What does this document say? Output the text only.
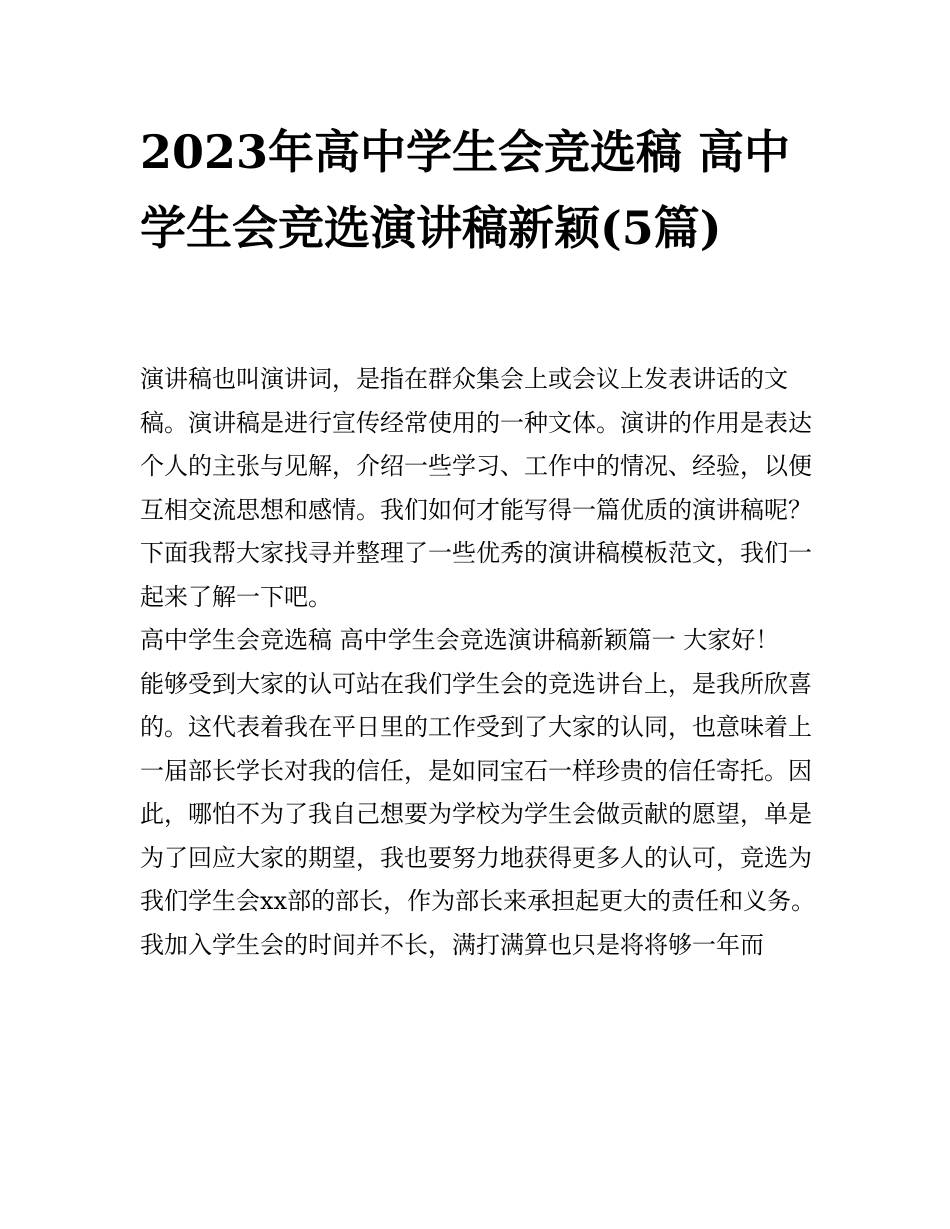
2023年高中学生会竞选稿 高中学生会竞选演讲稿新颖(5篇)

演讲稿也叫演讲词，是指在群众集会上或会议上发表讲话的文稿。演讲稿是进行宣传经常使用的一种文体。演讲的作用是表达个人的主张与见解，介绍一些学习、工作中的情况、经验，以便互相交流思想和感情。我们如何才能写得一篇优质的演讲稿呢？下面我帮大家找寻并整理了一些优秀的演讲稿模板范文，我们一起来了解一下吧。

高中学生会竞选稿 高中学生会竞选演讲稿新颖篇一 大家好！

能够受到大家的认可站在我们学生会的竞选讲台上，是我所欣喜的。这代表着我在平日里的工作受到了大家的认同，也意味着上一届部长学长对我的信任，是如同宝石一样珍贵的信任寄托。因此，哪怕不为了我自己想要为学校为学生会做贡献的愿望，单是为了回应大家的期望，我也要努力地获得更多人的认可，竞选为我们学生会xx部的部长，作为部长来承担起更大的责任和义务。

我加入学生会的时间并不长，满打满算也只是将将够一年而
